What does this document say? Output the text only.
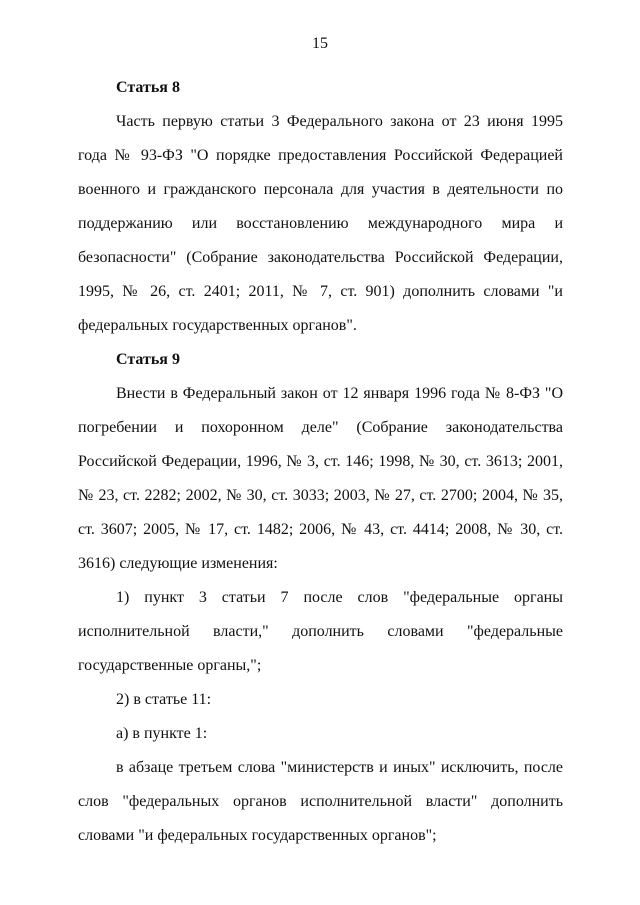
15
Статья 8

Часть первую статьи 3 Федерального закона от 23 июня 1995 года № 93-ФЗ "О порядке предоставления Российской Федерацией военного и гражданского персонала для участия в деятельности по поддержанию или восстановлению международного мира и безопасности" (Собрание законодательства Российской Федерации, 1995, № 26, ст. 2401; 2011, № 7, ст. 901) дополнить словами "и федеральных государственных органов".

Статья 9

Внести в Федеральный закон от 12 января 1996 года № 8-ФЗ "О погребении и похоронном деле" (Собрание законодательства Российской Федерации, 1996, № 3, ст. 146; 1998, № 30, ст. 3613; 2001, № 23, ст. 2282; 2002, № 30, ст. 3033; 2003, № 27, ст. 2700; 2004, № 35, ст. 3607; 2005, № 17, ст. 1482; 2006, № 43, ст. 4414; 2008, № 30, ст. 3616) следующие изменения:

1) пункт 3 статьи 7 после слов "федеральные органы исполнительной власти," дополнить словами "федеральные государственные органы,";

2) в статье 11:

а) в пункте 1:

в абзаце третьем слова "министерств и иных" исключить, после слов "федеральных органов исполнительной власти" дополнить словами "и федеральных государственных органов";
